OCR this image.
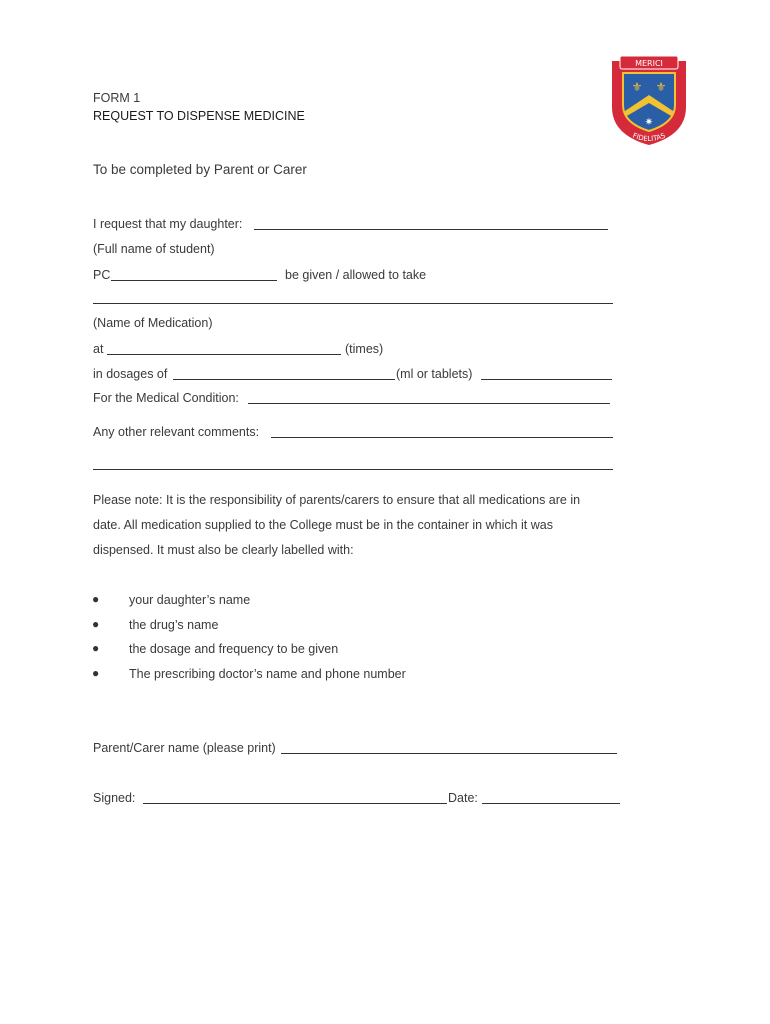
MERICI
⚜ ⚜
✷
FIDELITAS
FORM 1
REQUEST TO DISPENSE MEDICINE
To be completed by Parent or Carer
I request that my daughter:
(Full name of student)
PC	be given / allowed to take
(Name of Medication)
at	(times)
in dosages of	(ml or tablets)
For the Medical Condition:
Any other relevant comments:
Please note: It is the responsibility of parents/carers to ensure that all medications are in
date. All medication supplied to the College must be in the container in which it was
dispensed. It must also be clearly labelled with:
● your daughter’s name
● the drug’s name
● the dosage and frequency to be given
● The prescribing doctor’s name and phone number
Parent/Carer name (please print)
Signed:	Date:
